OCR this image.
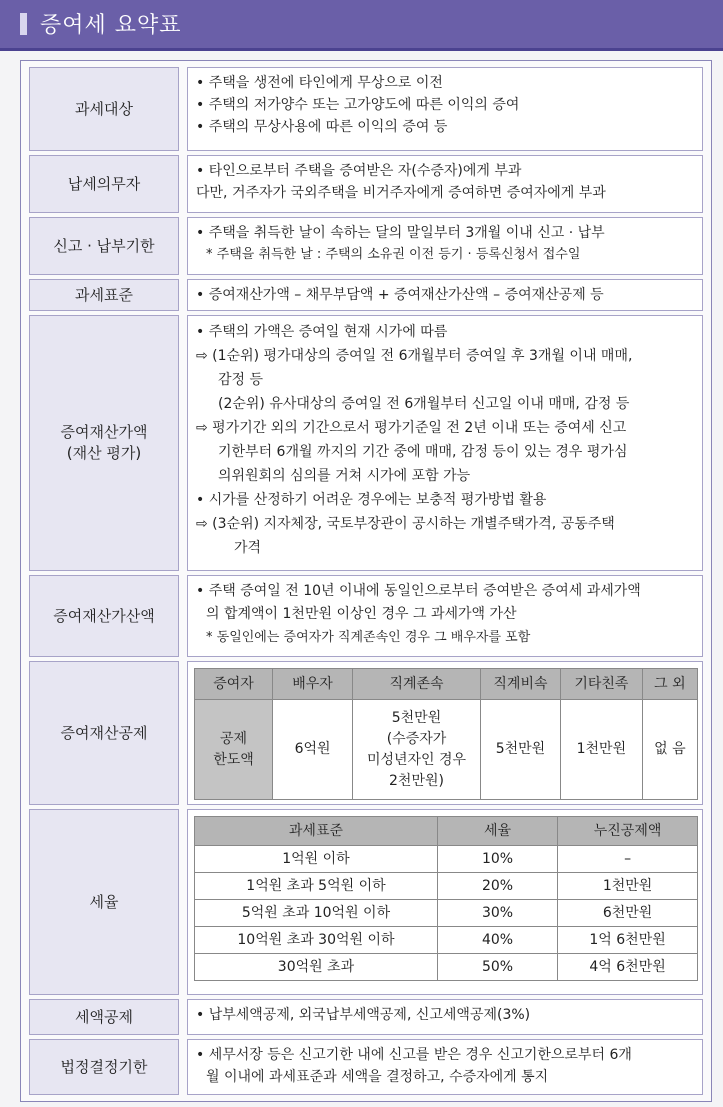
증여세 요약표
과세대상
• 주택을 생전에 타인에게 무상으로 이전
• 주택의 저가양수 또는 고가양도에 따른 이익의 증여
• 주택의 무상사용에 따른 이익의 증여 등
납세의무자
• 타인으로부터 주택을 증여받은 자(수증자)에게 부과
다만, 거주자가 국외주택을 비거주자에게 증여하면 증여자에게 부과
신고 · 납부기한
• 주택을 취득한 날이 속하는 달의 말일부터 3개월 이내 신고 · 납부
* 주택을 취득한 날 : 주택의 소유권 이전 등기 · 등록신청서 접수일
과세표준	• 증여재산가액 – 채무부담액 + 증여재산가산액 – 증여재산공제 등
증여재산가액
(재산 평가)
• 주택의 가액은 증여일 현재 시가에 따름
⇨ (1순위) 평가대상의 증여일 전 6개월부터 증여일 후 3개월 이내 매매,
감정 등
(2순위) 유사대상의 증여일 전 6개월부터 신고일 이내 매매, 감정 등
⇨ 평가기간 외의 기간으로서 평가기준일 전 2년 이내 또는 증여세 신고
기한부터 6개월 까지의 기간 중에 매매, 감정 등이 있는 경우 평가심
의위원회의 심의를 거쳐 시가에 포함 가능
• 시가를 산정하기 어려운 경우에는 보충적 평가방법 활용
⇨ (3순위) 지자체장, 국토부장관이 공시하는 개별주택가격, 공동주택
가격
증여재산가산액
• 주택 증여일 전 10년 이내에 동일인으로부터 증여받은 증여세 과세가액
의 합계액이 1천만원 이상인 경우 그 과세가액 가산
* 동일인에는 증여자가 직계존속인 경우 그 배우자를 포함
증여재산공제
증여자	배우자	직계존속	직계비속	기타친족	그 외
공제
한도액	6억원	5천만원
(수증자가
미성년자인 경우
2천만원)	5천만원	1천만원	없 음
세율
과세표준	세율	누진공제액
1억원 이하	10%	–
1억원 초과 5억원 이하	20%	1천만원
5억원 초과 10억원 이하	30%	6천만원
10억원 초과 30억원 이하	40%	1억 6천만원
30억원 초과	50%	4억 6천만원
세액공제	• 납부세액공제, 외국납부세액공제, 신고세액공제(3%)
법정결정기한
• 세무서장 등은 신고기한 내에 신고를 받은 경우 신고기한으로부터 6개
월 이내에 과세표준과 세액을 결정하고, 수증자에게 통지
